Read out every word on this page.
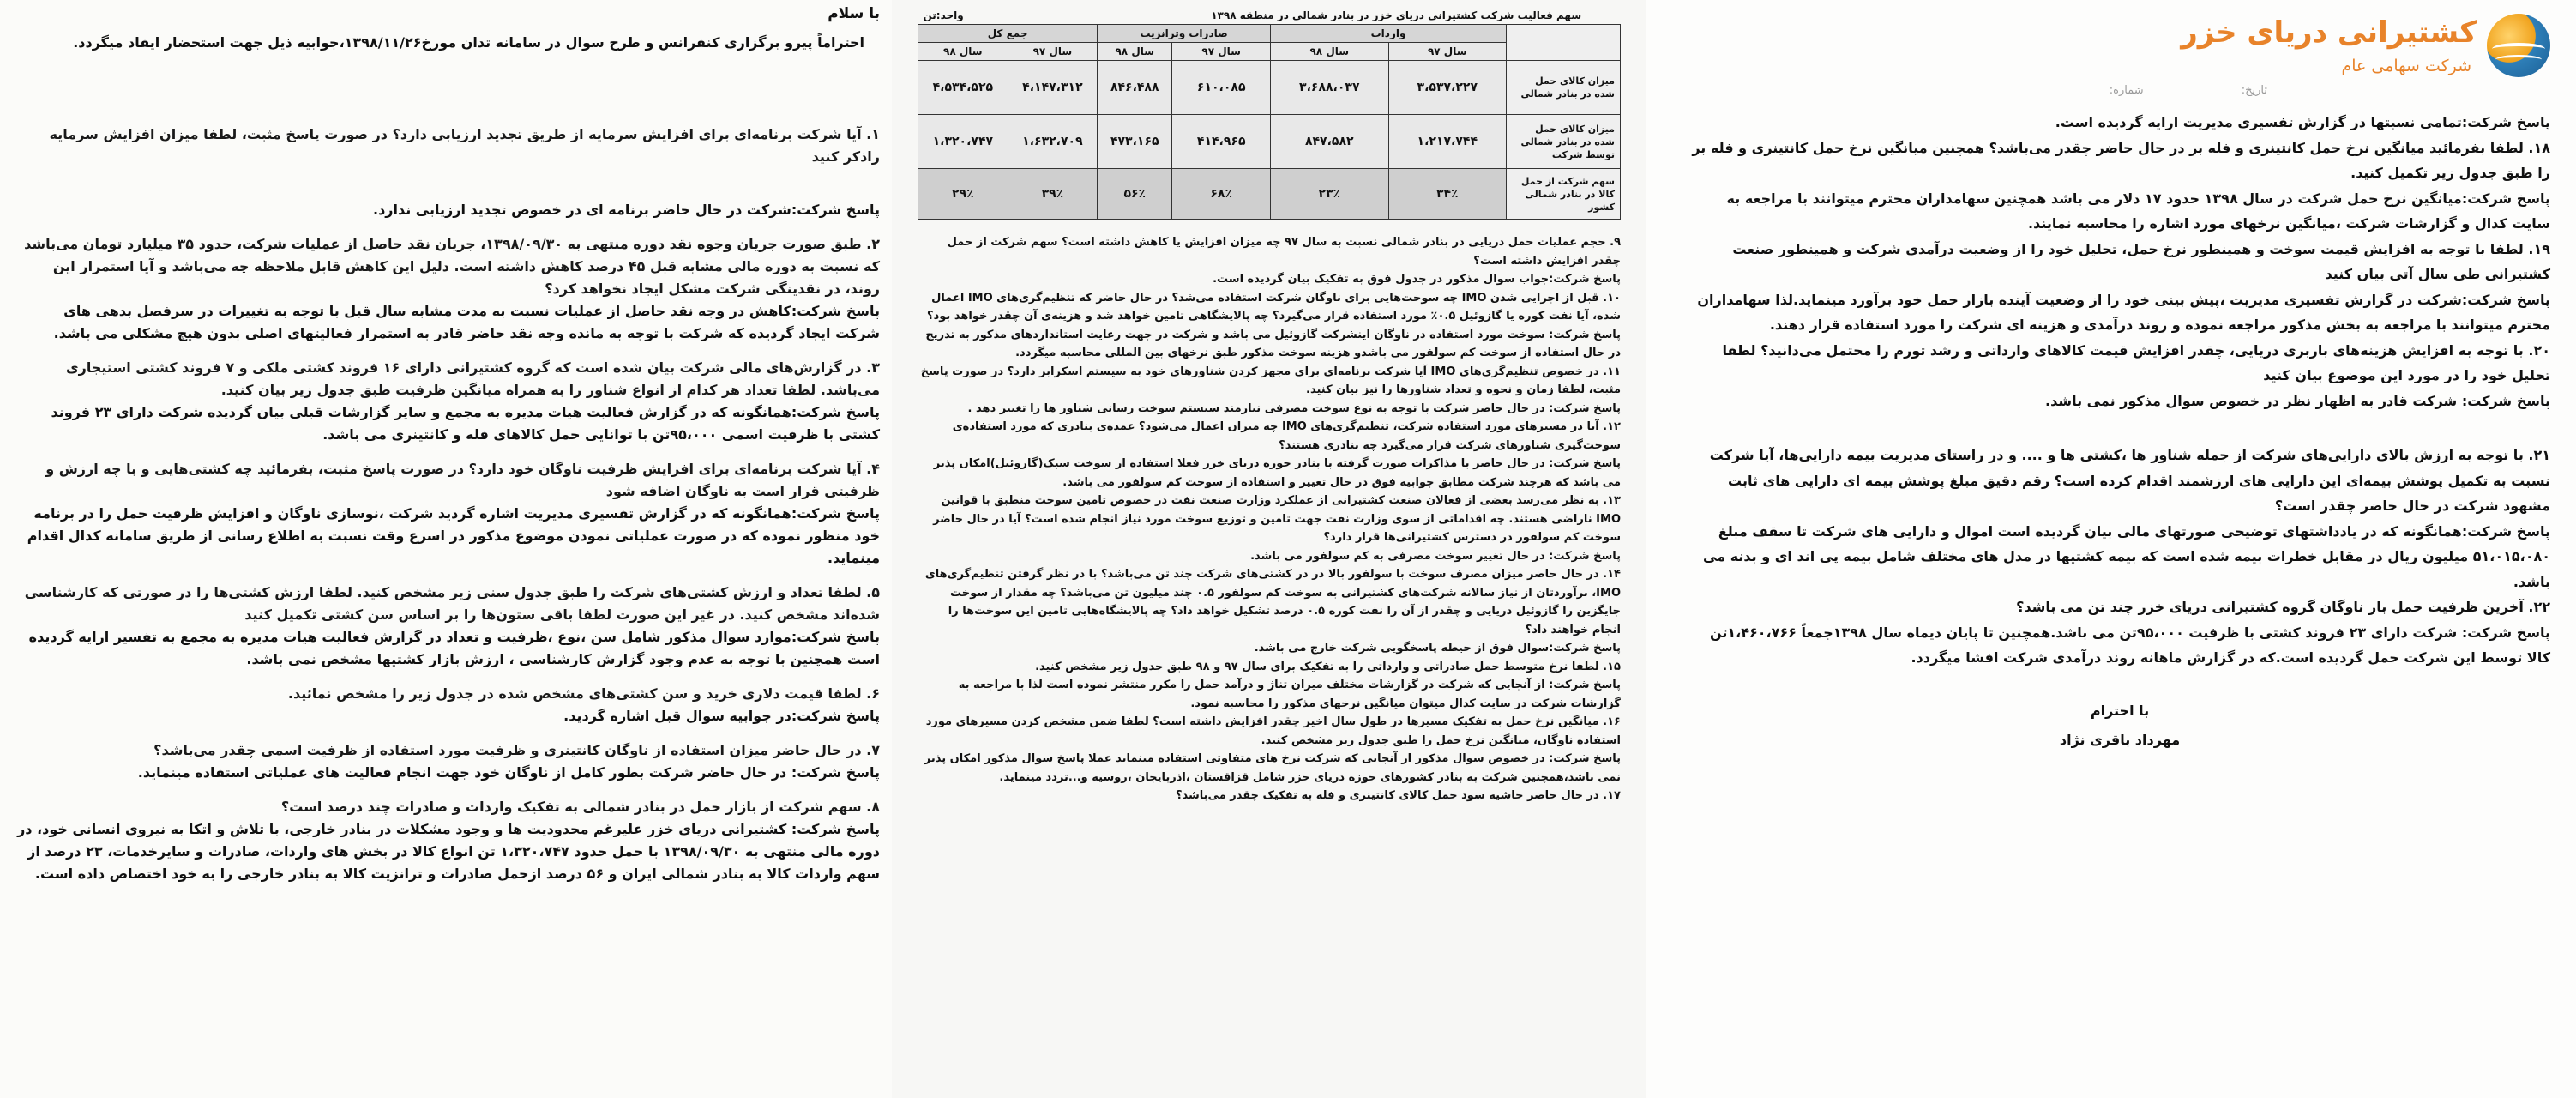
با سلام

احتراماً پیرو برگزاری کنفرانس و طرح سوال در سامانه تدان مورخ۱۳۹۸/۱۱/۲۶،جوابیه ذیل جهت استحضار ایفاد میگردد.

۱. آیا شرکت برنامه‌ای برای افزایش سرمایه از طریق تجدید ارزیابی دارد؟ در صورت پاسخ مثبت، لطفا میزان افزایش سرمایه راذکر کنید

پاسخ شرکت:شرکت در حال حاضر برنامه ای در خصوص تجدید ارزیابی ندارد.

۲. طبق صورت جریان وجوه نقد دوره منتهی به ۱۳۹۸/۰۹/۳۰، جریان نقد حاصل از عملیات شرکت، حدود ۳۵ میلیارد تومان می‌باشد که نسبت به دوره مالی مشابه قبل ۴۵ درصد کاهش داشته است. دلیل این کاهش قابل ملاحظه چه می‌باشد و آیا استمرار این روند، در نقدینگی شرکت مشکل ایجاد نخواهد کرد؟

پاسخ شرکت:کاهش در وجه نقد حاصل از عملیات نسبت به مدت مشابه سال قبل با توجه به تغییرات در سرفصل بدهی های شرکت ایجاد گردیده که شرکت با توجه به مانده وجه نقد حاضر قادر به استمرار فعالیتهای اصلی بدون هیچ مشکلی می باشد.

۳. در گزارش‌های مالی شرکت بیان شده است که گروه کشتیرانی دارای ۱۶ فروند کشتی ملکی و ۷ فروند کشتی استیجاری می‌باشد. لطفا تعداد هر کدام از انواع شناور را به همراه میانگین ظرفیت طبق جدول زیر بیان کنید.

پاسخ شرکت:همانگونه که در گزارش فعالیت هیات مدیره به مجمع و سایر گزارشات قبلی بیان گردیده شرکت دارای ۲۳ فروند کشتی با ظرفیت اسمی ۹۵،۰۰۰تن با توانایی حمل کالاهای فله و کانتینری می باشد.

۴. آیا شرکت برنامه‌ای برای افزایش ظرفیت ناوگان خود دارد؟ در صورت پاسخ مثبت، بفرمائید چه کشتی‌هایی و با چه ارزش و ظرفیتی قرار است به ناوگان اضافه شود

پاسخ شرکت:همانگونه که در گزارش تفسیری مدیریت اشاره گردید شرکت ،نوسازی ناوگان و افزایش ظرفیت حمل را در برنامه خود منظور نموده که در صورت عملیاتی نمودن موضوع مذکور در اسرع وقت نسبت به اطلاع رسانی از طریق سامانه کدال اقدام مینماید.

۵. لطفا تعداد و ارزش کشتی‌های شرکت را طبق جدول سنی زیر مشخص کنید. لطفا ارزش کشتی‌ها را در صورتی که کارشناسی شده‌اند مشخص کنید. در غیر این صورت لطفا باقی ستون‌ها را بر اساس سن کشتی تکمیل کنید

پاسخ شرکت:موارد سوال مذکور شامل سن ،نوع ،ظرفیت و تعداد در گزارش فعالیت هیات مدیره به مجمع به تفسیر ارایه گردیده است همچنین با توجه به عدم وجود گزارش کارشناسی ، ارزش بازار کشتیها مشخص نمی باشد.

۶. لطفا قیمت دلاری خرید و سن کشتی‌های مشخص شده در جدول زیر را مشخص نمائید.

پاسخ شرکت:در جوابیه سوال قبل اشاره گردید.

۷. در حال حاضر میزان استفاده از ناوگان کانتینری و ظرفیت مورد استفاده از ظرفیت اسمی چقدر می‌باشد؟

پاسخ شرکت: در حال حاضر شرکت بطور کامل از ناوگان خود جهت انجام فعالیت های عملیاتی استفاده مینماید.

۸. سهم شرکت از بازار حمل در بنادر شمالی به تفکیک واردات و صادرات چند درصد است؟

پاسخ شرکت: کشتیرانی دریای خزر علیرغم محدودیت ها و وجود مشکلات در بنادر خارجی، با تلاش و اتکا به نیروی انسانی خود، در دوره مالی منتهی به ۱۳۹۸/۰۹/۳۰ با حمل حدود ۱،۳۲۰،۷۴۷ تن انواع کالا در بخش های واردات، صادرات و سایرخدمات، ۲۳ درصد از سهم واردات کالا به بنادر شمالی ایران و ۵۶ درصد ازحمل صادرات و ترانزیت کالا به بنادر خارجی را به خود اختصاص داده است.

سهم فعالیت شرکت کشتیرانی دریای خزر در بنادر شمالی در منطقه ۱۳۹۸				واحد:تن		
	واردات		صادرات وترانزیت		جمع کل	
	سال ۹۷	سال ۹۸	سال ۹۷	سال ۹۸	سال ۹۷	سال ۹۸
میزان کالای حمل شده در بنادر شمالی	۳،۵۳۷،۲۲۷	۳،۶۸۸،۰۳۷	۶۱۰،۰۸۵	۸۴۶،۴۸۸	۴،۱۴۷،۳۱۲	۴،۵۳۴،۵۲۵
میزان کالای حمل شده در بنادر شمالی توسط شرکت	۱،۲۱۷،۷۴۴	۸۴۷،۵۸۲	۴۱۴،۹۶۵	۴۷۳،۱۶۵	۱،۶۳۲،۷۰۹	۱،۳۲۰،۷۴۷
سهم شرکت از حمل کالا در بنادر شمالی کشور	۳۴٪	۲۳٪	۶۸٪	۵۶٪	۳۹٪	۲۹٪

۹. حجم عملیات حمل دریایی در بنادر شمالی نسبت به سال ۹۷ چه میزان افزایش یا کاهش داشته است؟ سهم شرکت از حمل چقدر افزایش داشته است؟

پاسخ شرکت:جواب سوال مذکور در جدول فوق به تفکیک بیان گردیده است.

۱۰. قبل از اجرایی شدن IMO چه سوخت‌هایی برای ناوگان شرکت استفاده می‌شد؟ در حال حاضر که تنظیم‌گری‌های IMO اعمال شده، آیا نفت کوره یا گازوئیل ۰.۵٪ مورد استفاده قرار می‌گیرد؟ چه پالایشگاهی تامین خواهد شد و هزینه‌ی آن چقدر خواهد بود؟

پاسخ شرکت: سوخت مورد استفاده در ناوگان اینشرکت گازوئیل می باشد و شرکت در جهت رعایت استانداردهای مذکور به تدریج در حال استفاده از سوخت کم سولفور می باشدو هزینه سوخت مذکور طبق نرخهای بین المللی محاسبه میگردد.

۱۱. در خصوص تنظیم‌گری‌های IMO آیا شرکت برنامه‌ای برای مجهز کردن شناورهای خود به سیستم اسکرابر دارد؟ در صورت پاسخ مثبت، لطفا زمان و نحوه و تعداد شناورها را نیز بیان کنید.

پاسخ شرکت: در حال حاضر شرکت با توجه به نوع سوخت مصرفی نیازمند سیستم سوخت رسانی شناور ها را تغییر دهد .

۱۲. آیا در مسیرهای مورد استفاده شرکت، تنظیم‌گری‌های IMO چه میزان اعمال می‌شود؟ عمده‌ی بنادری که مورد استفاده‌ی سوخت‌گیری شناورهای شرکت قرار می‌گیرد چه بنادری هستند؟

پاسخ شرکت: در حال حاضر با مذاکرات صورت گرفته با بنادر حوزه دریای خزر فعلا استفاده از سوخت سبک(گازوئیل)امکان پذیر می باشد که هرچند شرکت مطابق جوابیه فوق در حال تغییر و استفاده از سوخت کم سولفور می باشد.

۱۳. به نظر می‌رسد بعضی از فعالان صنعت کشتیرانی از عملکرد وزارت صنعت نفت در خصوص تامین سوخت منطبق با قوانین IMO ناراضی هستند. چه اقداماتی از سوی وزارت نفت جهت تامین و توزیع سوخت مورد نیاز انجام شده است؟ آیا در حال حاضر سوخت کم سولفور در دسترس کشتیرانی‌ها قرار دارد؟

پاسخ شرکت: در حال تغییر سوخت مصرفی به کم سولفور می باشد.

۱۴. در حال حاضر میزان مصرف سوخت با سولفور بالا در در کشتی‌های شرکت چند تن می‌باشد؟ با در نظر گرفتن تنظیم‌گری‌های IMO، برآوردتان از نیاز سالانه شرکت‌های کشتیرانی به سوخت کم سولفور ۰.۵ چند میلیون تن می‌باشد؟ چه مقدار از سوخت جایگزین را گازوئیل دریایی و چقدر از آن را نفت کوره ۰.۵ درصد تشکیل خواهد داد؟ چه پالایشگاه‌هایی تامین این سوخت‌ها را انجام خواهند داد؟

پاسخ شرکت:سوال فوق از حیطه پاسخگویی شرکت خارج می باشد.

۱۵. لطفا نرخ متوسط حمل صادراتی و وارداتی را به تفکیک برای سال ۹۷ و ۹۸ طبق جدول زیر مشخص کنید.

پاسخ شرکت: از آنجایی که شرکت در گزارشات مختلف میزان تناژ و درآمد حمل را مکرر منتشر نموده است لذا با مراجعه به گزارشات شرکت در سایت کدال میتوان میانگین نرخهای مذکور را محاسبه نمود.

۱۶. میانگین نرخ حمل به تفکیک مسیرها در طول سال اخیر چقدر افزایش داشته است؟ لطفا ضمن مشخص کردن مسیرهای مورد استفاده ناوگان، میانگین نرخ حمل را طبق جدول زیر مشخص کنید.

پاسخ شرکت: در خصوص سوال مذکور از آنجایی که شرکت نرخ های متفاوتی استفاده مینماید عملا پاسخ سوال مذکور امکان پذیر نمی باشد،همچنین شرکت به بنادر کشورهای حوزه دریای خزر شامل قزاقستان ،اذربایجان ،روسیه و...تردد مینماید.

۱۷. در حال حاضر حاشیه سود حمل کالای کانتینری و فله به تفکیک چقدر می‌باشد؟

کشتیرانی دریای خزر
شرکت سهامی عام
تاریخ: شماره:

پاسخ شرکت:تمامی نسبتها در گزارش تفسیری مدیریت ارایه گردیده است.

۱۸. لطفا بفرمائید میانگین نرخ حمل کانتینری و فله بر در حال حاضر چقدر می‌باشد؟ همچنین میانگین نرخ حمل کانتینری و فله بر را طبق جدول زیر تکمیل کنید.

پاسخ شرکت:میانگین نرخ حمل شرکت در سال ۱۳۹۸ حدود ۱۷ دلار می باشد همچنین سهامداران محترم میتوانند با مراجعه به سایت کدال و گزارشات شرکت ،میانگین نرخهای مورد اشاره را محاسبه نمایند.

۱۹. لطفا با توجه به افزایش قیمت سوخت و همینطور نرخ حمل، تحلیل خود را از وضعیت درآمدی شرکت و همینطور صنعت کشتیرانی طی سال آتی بیان کنید

پاسخ شرکت:شرکت در گزارش تفسیری مدیریت ،پیش بینی خود را از وضعیت آینده بازار حمل خود برآورد مینماید.لذا سهامداران محترم میتوانند با مراجعه به بخش مذکور مراجعه نموده و روند درآمدی و هزینه ای شرکت را مورد استفاده قرار دهند.

۲۰. با توجه به افزایش هزینه‌های باربری دریایی، چقدر افزایش قیمت کالاهای وارداتی و رشد تورم را محتمل می‌دانید؟ لطفا تحلیل خود را در مورد این موضوع بیان کنید

پاسخ شرکت: شرکت قادر به اظهار نظر در خصوص سوال مذکور نمی باشد.

۲۱. با توجه به ارزش بالای دارایی‌های شرکت از جمله شناور ها ،کشتی ها و .... و در راستای مدیریت بیمه دارایی‌ها، آیا شرکت نسبت به تکمیل پوشش بیمه‌ای این دارایی های ارزشمند اقدام کرده است؟ رقم دقیق مبلغ پوشش بیمه ای دارایی های ثابت مشهود شرکت در حال حاضر چقدر است؟

پاسخ شرکت:همانگونه که در یادداشتهای توضیحی صورتهای مالی بیان گردیده است اموال و دارایی های شرکت تا سقف مبلغ ۵۱،۰۱۵،۰۸۰ میلیون ریال در مقابل خطرات بیمه شده است که بیمه کشتیها در مدل های مختلف شامل بیمه پی اند ای و بدنه می باشد.

۲۲. آخرین ظرفیت حمل بار ناوگان گروه کشتیرانی دریای خزر چند تن می باشد؟

پاسخ شرکت: شرکت دارای ۲۳ فروند کشتی با ظرفیت ۹۵،۰۰۰تن می باشد.همچنین تا پایان دیماه سال ۱۳۹۸جمعاً ۱،۴۶۰،۷۶۶تن کالا توسط این شرکت حمل گردیده است.که در گزارش ماهانه روند درآمدی شرکت افشا میگردد.

با احترام
مهرداد باقری نژاد
